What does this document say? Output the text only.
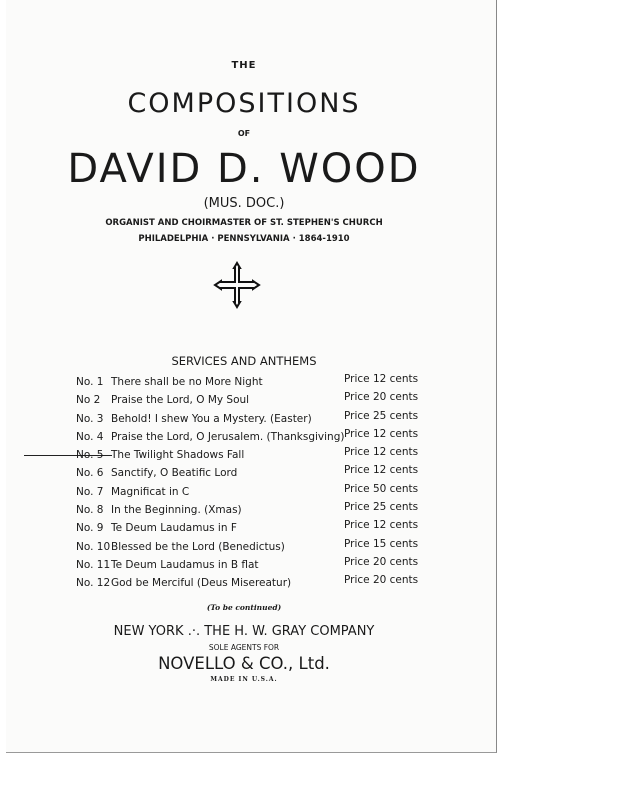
THE
COMPOSITIONS
OF
DAVID D. WOOD
(MUS. DOC.)
ORGANIST AND CHOIRMASTER OF ST. STEPHEN'S CHURCH
PHILADELPHIA · PENNSYLVANIA · 1864-1910
SERVICES AND ANTHEMS
No. 1 There shall be no More Night	Price 12 cents
No 2	Praise the Lord, O My Soul	Price 20 cents
No. 3 Behold! I shew You a Mystery. (Easter)	Price 25 cents
No. 4 Praise the Lord, O Jerusalem. (Thanksgiving) Price 12 cents
No. 5 The Twilight Shadows Fall	Price 12 cents
No. 6 Sanctify, O Beatific Lord	Price 12 cents
No. 7 Magnificat in C	Price 50 cents
No. 8 In the Beginning. (Xmas)	Price 25 cents
No. 9 Te Deum Laudamus in F	Price 12 cents
No. 10 Blessed be the Lord (Benedictus)	Price 15 cents
No. 11 Te Deum Laudamus in B flat	Price 20 cents
No. 12 God be Merciful (Deus Misereatur)	Price 20 cents
(To be continued)
NEW YORK .·. THE H. W. GRAY COMPANY
SOLE AGENTS FOR
NOVELLO & CO., Ltd.
MADE IN U.S.A.
